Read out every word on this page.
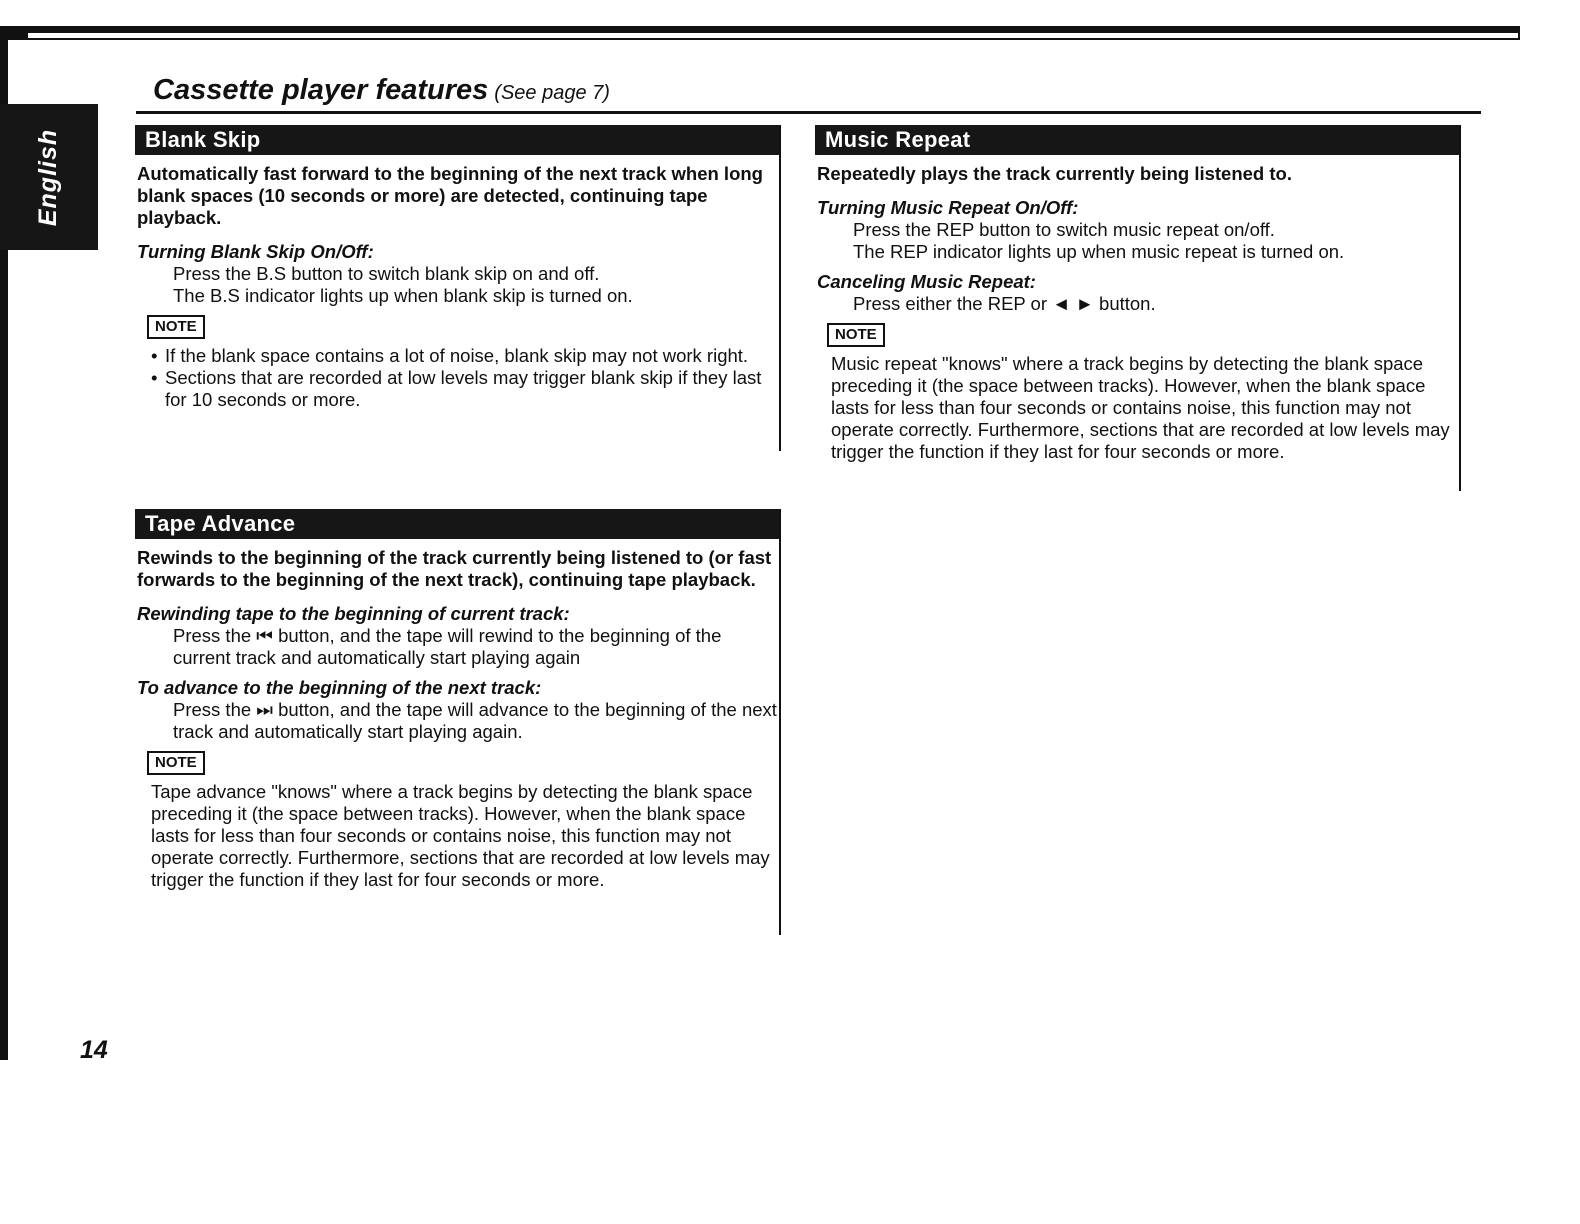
English
Cassette player features (See page 7)
Blank Skip

Automatically fast forward to the beginning of the next track when long blank spaces (10 seconds or more) are detected, continuing tape playback.

Turning Blank Skip On/Off:

Press the B.S button to switch blank skip on and off.

The B.S indicator lights up when blank skip is turned on.

NOTE
• If the blank space contains a lot of noise, blank skip may not work right.
• Sections that are recorded at low levels may trigger blank skip if they last for 10 seconds or more.
Tape Advance

Rewinds to the beginning of the track currently being listened to (or fast forwards to the beginning of the next track), continuing tape playback.

Rewinding tape to the beginning of current track:

Press the ⏮ button, and the tape will rewind to the beginning of the current track and automatically start playing again

To advance to the beginning of the next track:

Press the ⏭ button, and the tape will advance to the beginning of the next track and automatically start playing again.

NOTE

Tape advance "knows" where a track begins by detecting the blank space preceding it (the space between tracks). However, when the blank space lasts for less than four seconds or contains noise, this function may not operate correctly. Furthermore, sections that are recorded at low levels may trigger the function if they last for four seconds or more.

Music Repeat

Repeatedly plays the track currently being listened to.

Turning Music Repeat On/Off:

Press the REP button to switch music repeat on/off.

The REP indicator lights up when music repeat is turned on.

Canceling Music Repeat:

Press either the REP or ◄ ► button.

NOTE

Music repeat "knows" where a track begins by detecting the blank space preceding it (the space between tracks). However, when the blank space lasts for less than four seconds or contains noise, this function may not operate correctly. Furthermore, sections that are recorded at low levels may trigger the function if they last for four seconds or more.

14
